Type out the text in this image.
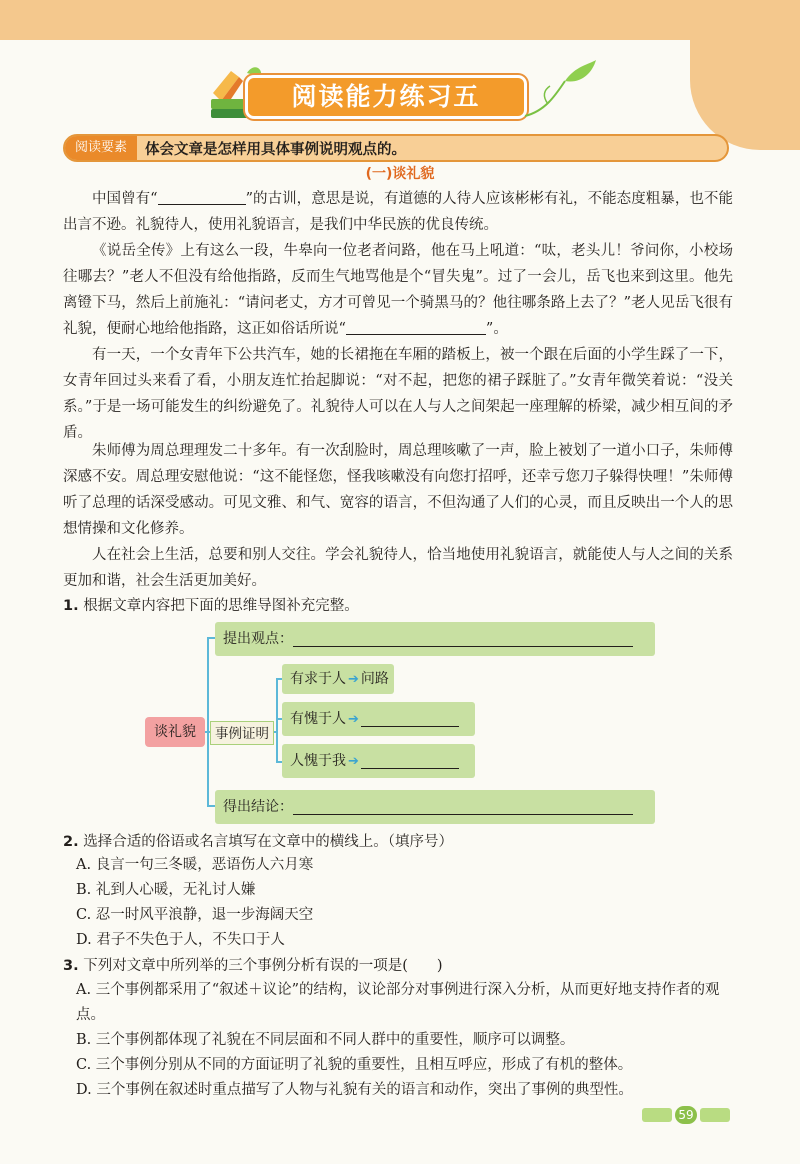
阅读能力练习五
阅读要素	体会文章是怎样用具体事例说明观点的。
(一)谈礼貌

中国曾有“	”的古训，意思是说，有道德的人待人应该彬彬有礼，不能态度粗暴，也不能出言不逊。礼貌待人，使用礼貌语言，是我们中华民族的优良传统。

《说岳全传》上有这么一段，牛皋向一位老者问路，他在马上吼道：“呔，老头儿！爷问你，小校场往哪去？”老人不但没有给他指路，反而生气地骂他是个“冒失鬼”。过了一会儿，岳飞也来到这里。他先离镫下马，然后上前施礼：“请问老丈，方才可曾见一个骑黑马的？他往哪条路上去了？”老人见岳飞很有礼貌，便耐心地给他指路，这正如俗话所说“	”。

有一天，一个女青年下公共汽车，她的长裙拖在车厢的踏板上，被一个跟在后面的小学生踩了一下，女青年回过头来看了看，小朋友连忙抬起脚说：“对不起，把您的裙子踩脏了。”女青年微笑着说：“没关系。”于是一场可能发生的纠纷避免了。礼貌待人可以在人与人之间架起一座理解的桥梁，减少相互间的矛盾。

朱师傅为周总理理发二十多年。有一次刮脸时，周总理咳嗽了一声，脸上被划了一道小口子，朱师傅深感不安。周总理安慰他说：“这不能怪您，怪我咳嗽没有向您打招呼，还幸亏您刀子躲得快哩！”朱师傅听了总理的话深受感动。可见文雅、和气、宽容的语言，不但沟通了人们的心灵，而且反映出一个人的思想情操和文化修养。

人在社会上生活，总要和别人交往。学会礼貌待人，恰当地使用礼貌语言，就能使人与人之间的关系更加和谐，社会生活更加美好。

1. 根据文章内容把下面的思维导图补充完整。

谈礼貌	事例证明
提出观点：
有求于人 ➔ 问路
有愧于人 ➔
人愧于我 ➔
得出结论：

2. 选择合适的俗语或名言填写在文章中的横线上。（填序号）

A. 良言一句三冬暖，恶语伤人六月寒

B. 礼到人心暖，无礼讨人嫌

C. 忍一时风平浪静，退一步海阔天空

D. 君子不失色于人，不失口于人

3. 下列对文章中所列举的三个事例分析有误的一项是(　　)

A. 三个事例都采用了“叙述＋议论”的结构，议论部分对事例进行深入分析，从而更好地支持作者的观点。

B. 三个事例都体现了礼貌在不同层面和不同人群中的重要性，顺序可以调整。

C. 三个事例分别从不同的方面证明了礼貌的重要性，且相互呼应，形成了有机的整体。

D. 三个事例在叙述时重点描写了人物与礼貌有关的语言和动作，突出了事例的典型性。

59
